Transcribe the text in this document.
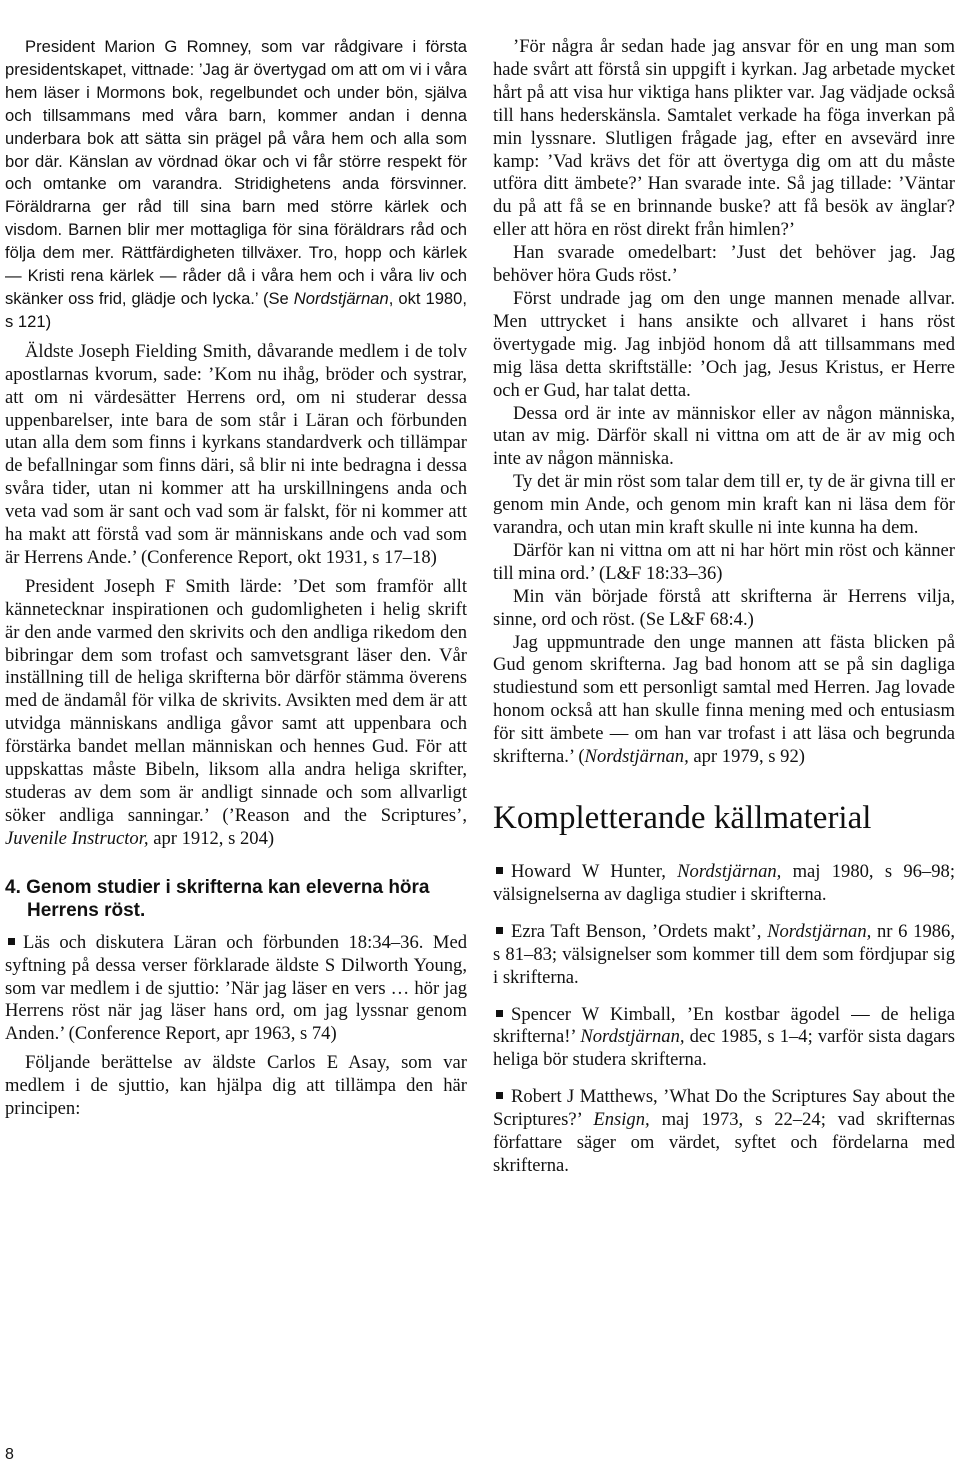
President Marion G Romney, som var rådgivare i första presidentskapet, vittnade: ’Jag är övertygad om att om vi i våra hem läser i Mormons bok, regelbundet och under bön, själva och tillsammans med våra barn, kommer andan i denna underbara bok att sätta sin prägel på våra hem och alla som bor där. Känslan av vördnad ökar och vi får större respekt för och omtanke om varandra. Stridighetens anda försvinner. Föräldrarna ger råd till sina barn med större kärlek och visdom. Barnen blir mer mottagliga för sina föräldrars råd och följa dem mer. Rättfärdigheten tillväxer. Tro, hopp och kärlek — Kristi rena kärlek — råder då i våra hem och i våra liv och skänker oss frid, glädje och lycka.’ (Se Nordstjärnan, okt 1980, s 121)

Äldste Joseph Fielding Smith, dåvarande medlem i de tolv apostlarnas kvorum, sade: ’Kom nu ihåg, bröder och systrar, att om ni värdesätter Herrens ord, om ni studerar dessa uppenbarelser, inte bara de som står i Läran och förbunden utan alla dem som finns i kyrkans standardverk och tillämpar de befallningar som finns däri, så blir ni inte bedragna i dessa svåra tider, utan ni kommer att ha urskillningens anda och veta vad som är sant och vad som är falskt, för ni kommer att ha makt att förstå vad som är människans ande och vad som är Herrens Ande.’ (Conference Report, okt 1931, s 17–18)

President Joseph F Smith lärde: ’Det som framför allt kännetecknar inspirationen och gudomligheten i helig skrift är den ande varmed den skrivits och den andliga rikedom den bibringar dem som trofast och samvetsgrant läser den. Vår inställning till de heliga skrifterna bör därför stämma överens med de ändamål för vilka de skrivits. Avsikten med dem är att utvidga människans andliga gåvor samt att uppenbara och förstärka bandet mellan människan och hennes Gud. För att uppskattas måste Bibeln, liksom alla andra heliga skrifter, studeras av dem som är andligt sinnade och som allvarligt söker andliga sanningar.’ (’Reason and the Scriptures’, Juvenile Instructor, apr 1912, s 204)

4. Genom studier i skrifterna kan eleverna höra Herrens röst.

Läs och diskutera Läran och förbunden 18:34–36. Med syftning på dessa verser förklarade äldste S Dilworth Young, som var medlem i de sjuttio: ’När jag läser en vers … hör jag Herrens röst när jag läser hans ord, om jag lyssnar genom Anden.’ (Conference Report, apr 1963, s 74)

Följande berättelse av äldste Carlos E Asay, som var medlem i de sjuttio, kan hjälpa dig att tillämpa den här principen:

’För några år sedan hade jag ansvar för en ung man som hade svårt att förstå sin uppgift i kyrkan. Jag arbetade mycket hårt på att visa hur viktiga hans plikter var. Jag vädjade också till hans hederskänsla. Samtalet verkade ha föga inverkan på min lyssnare. Slutligen frågade jag, efter en avsevärd inre kamp: ’Vad krävs det för att övertyga dig om att du måste utföra ditt ämbete?’ Han svarade inte. Så jag tillade: ’Väntar du på att få se en brinnande buske? att få besök av änglar? eller att höra en röst direkt från himlen?’

Han svarade omedelbart: ’Just det behöver jag. Jag behöver höra Guds röst.’

Först undrade jag om den unge mannen menade allvar. Men uttrycket i hans ansikte och allvaret i hans röst övertygade mig. Jag inbjöd honom då att tillsammans med mig läsa detta skriftställe: ’Och jag, Jesus Kristus, er Herre och er Gud, har talat detta.

Dessa ord är inte av människor eller av någon människa, utan av mig. Därför skall ni vittna om att de är av mig och inte av någon människa.

Ty det är min röst som talar dem till er, ty de är givna till er genom min Ande, och genom min kraft kan ni läsa dem för varandra, och utan min kraft skulle ni inte kunna ha dem.

Därför kan ni vittna om att ni har hört min röst och känner till mina ord.’ (L&F 18:33–36)

Min vän började förstå att skrifterna är Herrens vilja, sinne, ord och röst. (Se L&F 68:4.)

Jag uppmuntrade den unge mannen att fästa blicken på Gud genom skrifterna. Jag bad honom att se på sin dagliga studiestund som ett personligt samtal med Herren. Jag lovade honom också att han skulle finna mening med och entusiasm för sitt ämbete — om han var trofast i att läsa och begrunda skrifterna.’ (Nordstjärnan, apr 1979, s 92)

Kompletterande källmaterial

Howard W Hunter, Nordstjärnan, maj 1980, s 96–98; välsignelserna av dagliga studier i skrifterna.

Ezra Taft Benson, ’Ordets makt’, Nordstjärnan, nr 6 1986, s 81–83; välsignelser som kommer till dem som fördjupar sig i skrifterna.

Spencer W Kimball, ’En kostbar ägodel — de heliga skrifterna!’ Nordstjärnan, dec 1985, s 1–4; varför sista dagars heliga bör studera skrifterna.

Robert J Matthews, ’What Do the Scriptures Say about the Scriptures?’ Ensign, maj 1973, s 22–24; vad skrifternas författare säger om värdet, syftet och fördelarna med skrifterna.

8
